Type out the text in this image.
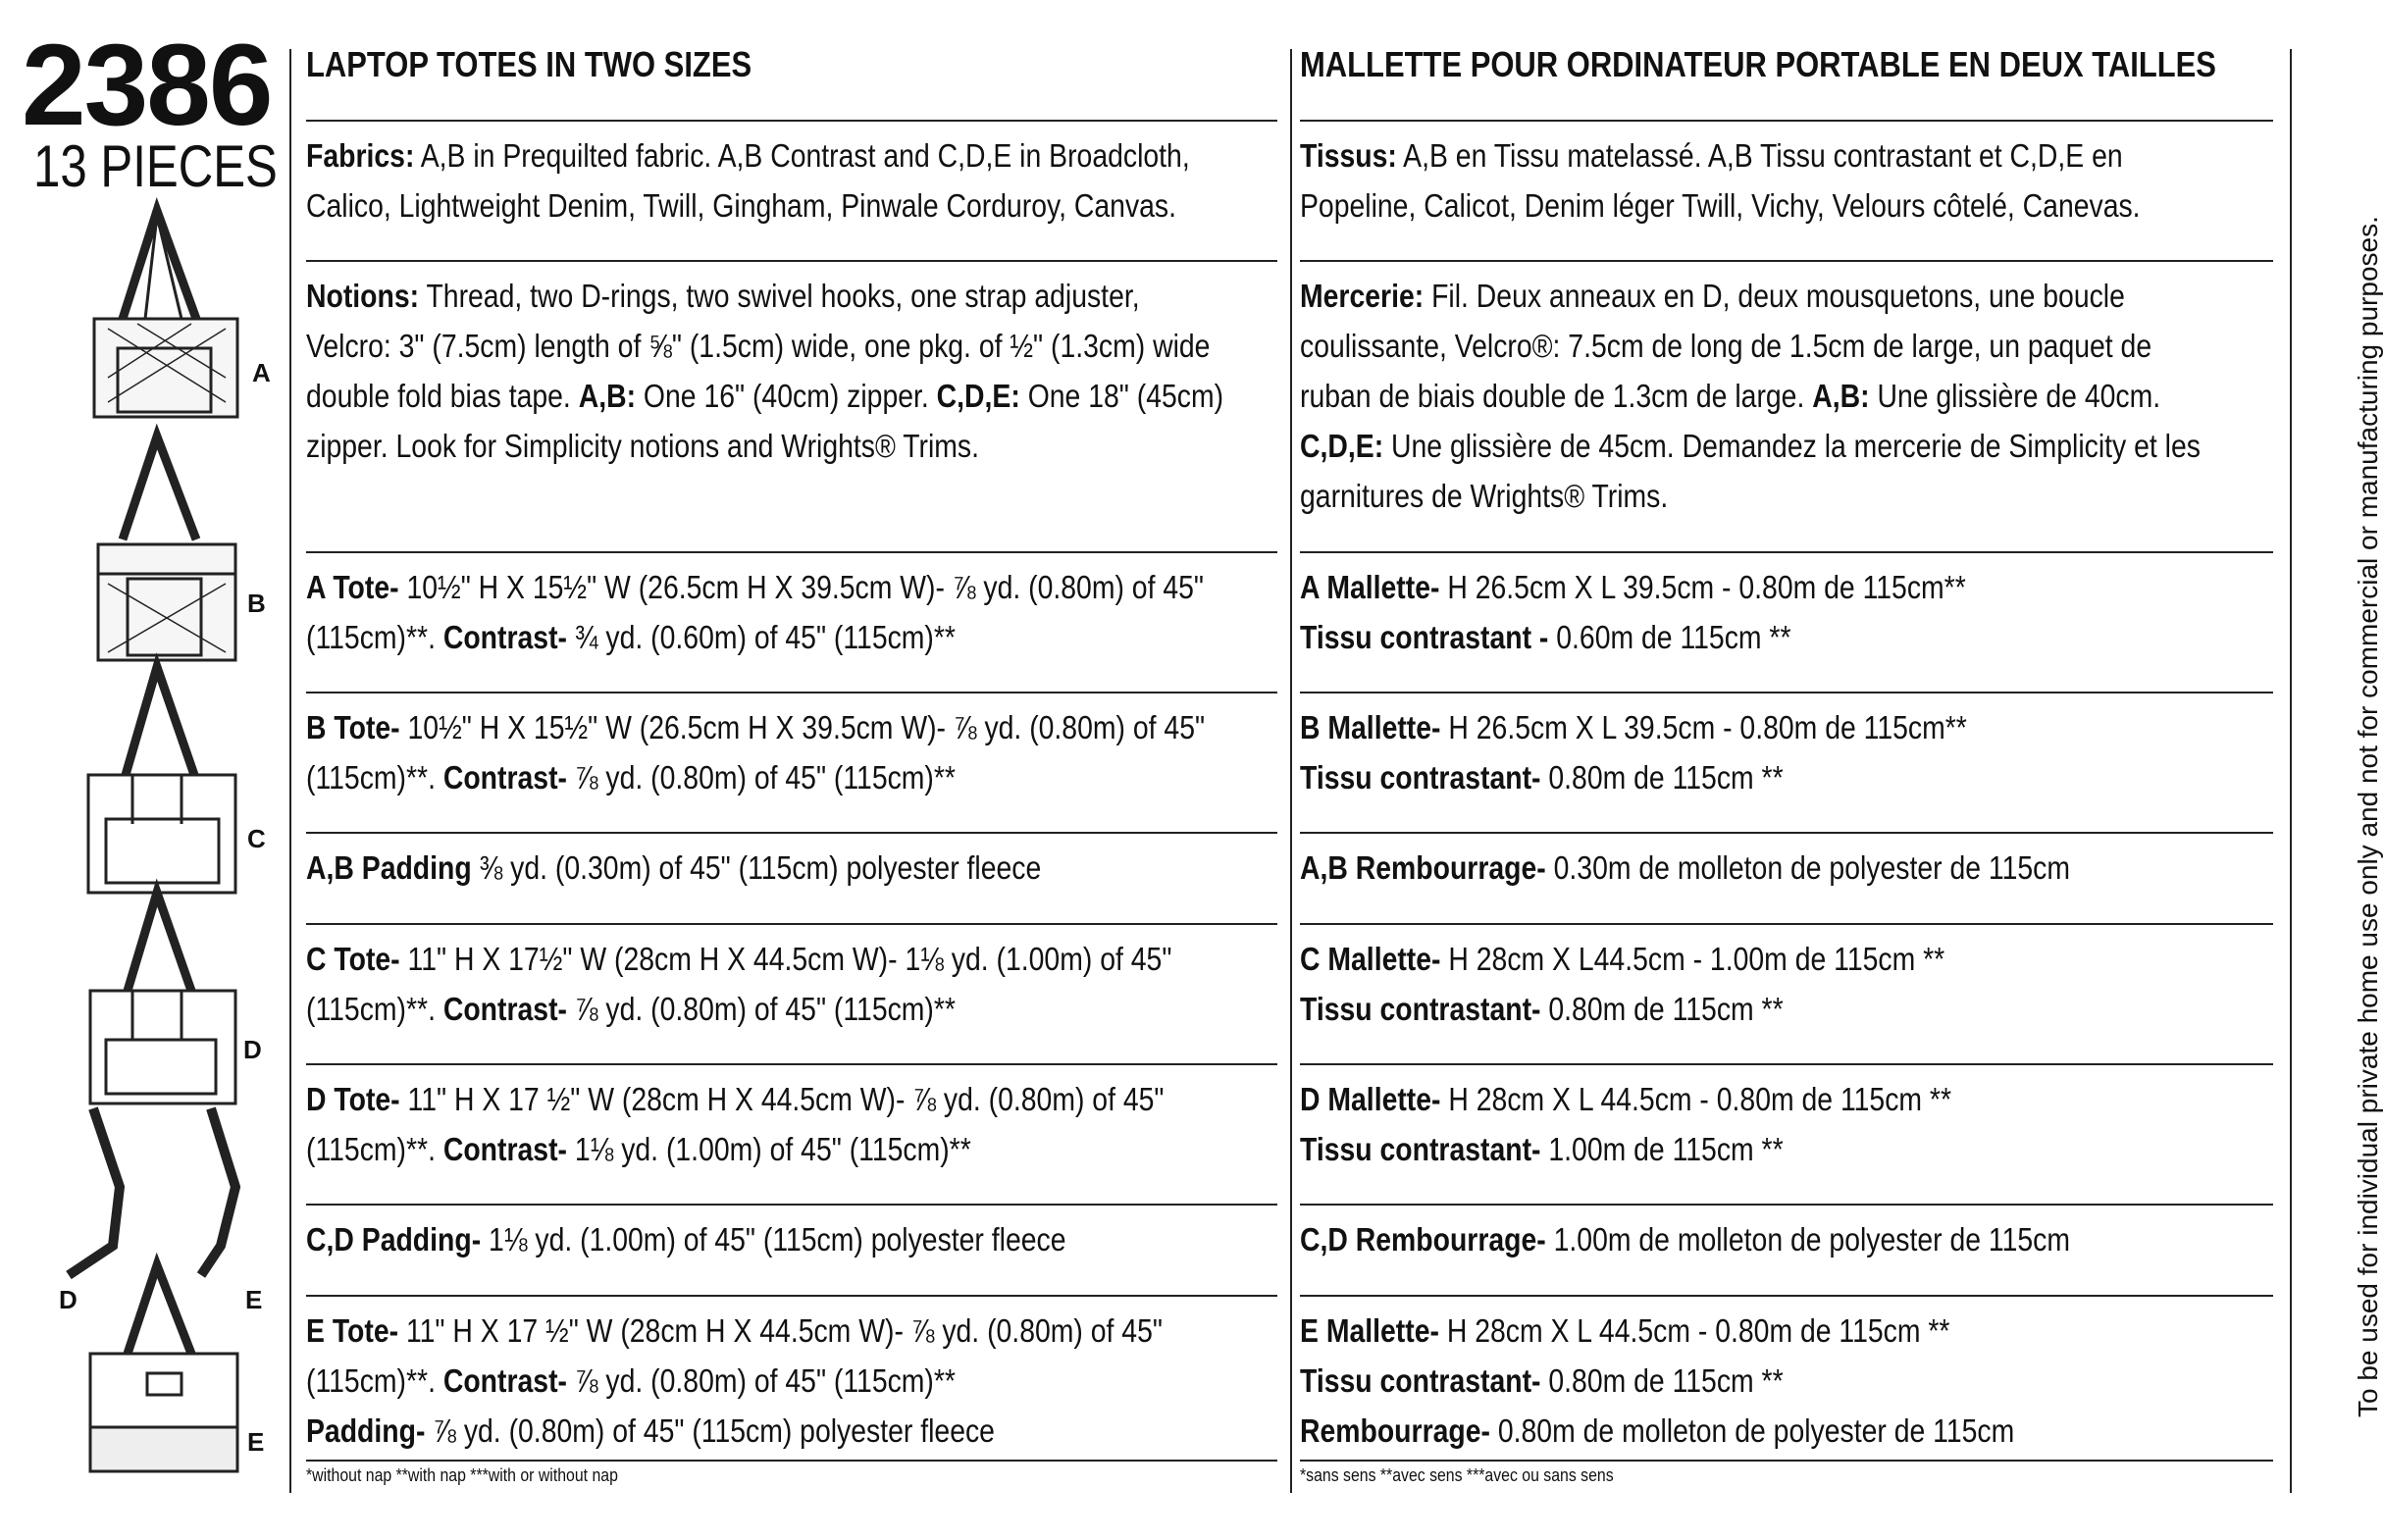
2386
13 PIECES
A
B
C
D
D	E
E
LAPTOP TOTES IN TWO SIZES
Fabrics: A,B in Prequilted fabric. A,B Contrast and C,D,E in Broadcloth,
Calico, Lightweight Denim, Twill, Gingham, Pinwale Corduroy, Canvas.
Notions: Thread, two D-rings, two swivel hooks, one strap adjuster,
Velcro: 3" (7.5cm) length of ⅝" (1.5cm) wide, one pkg. of ½" (1.3cm) wide
double fold bias tape. A,B: One 16" (40cm) zipper. C,D,E: One 18" (45cm)
zipper. Look for Simplicity notions and Wrights® Trims.
A Tote- 10½" H X 15½" W (26.5cm H X 39.5cm W)- ⅞ yd. (0.80m) of 45"
(115cm)**. Contrast- ¾ yd. (0.60m) of 45" (115cm)**
B Tote- 10½" H X 15½" W (26.5cm H X 39.5cm W)- ⅞ yd. (0.80m) of 45"
(115cm)**. Contrast- ⅞ yd. (0.80m) of 45" (115cm)**
A,B Padding ⅜ yd. (0.30m) of 45" (115cm) polyester fleece
C Tote- 11" H X 17½" W (28cm H X 44.5cm W)- 1⅛ yd. (1.00m) of 45"
(115cm)**. Contrast- ⅞ yd. (0.80m) of 45" (115cm)**
D Tote- 11" H X 17 ½" W (28cm H X 44.5cm W)- ⅞ yd. (0.80m) of 45"
(115cm)**. Contrast- 1⅛ yd. (1.00m) of 45" (115cm)**
C,D Padding- 1⅛ yd. (1.00m) of 45" (115cm) polyester fleece
E Tote- 11" H X 17 ½" W (28cm H X 44.5cm W)- ⅞ yd. (0.80m) of 45"
(115cm)**. Contrast- ⅞ yd. (0.80m) of 45" (115cm)**
Padding- ⅞ yd. (0.80m) of 45" (115cm) polyester fleece
*without nap **with nap ***with or without nap
MALLETTE POUR ORDINATEUR PORTABLE EN DEUX TAILLES
Tissus: A,B en Tissu matelassé. A,B Tissu contrastant et C,D,E en
Popeline, Calicot, Denim léger Twill, Vichy, Velours côtelé, Canevas.
Mercerie: Fil. Deux anneaux en D, deux mousquetons, une boucle
coulissante, Velcro®: 7.5cm de long de 1.5cm de large, un paquet de
ruban de biais double de 1.3cm de large. A,B: Une glissière de 40cm.
C,D,E: Une glissière de 45cm. Demandez la mercerie de Simplicity et les
garnitures de Wrights® Trims.
A Mallette- H 26.5cm X L 39.5cm - 0.80m de 115cm**
Tissu contrastant - 0.60m de 115cm **
B Mallette- H 26.5cm X L 39.5cm - 0.80m de 115cm**
Tissu contrastant- 0.80m de 115cm **
A,B Rembourrage- 0.30m de molleton de polyester de 115cm
C Mallette- H 28cm X L44.5cm - 1.00m de 115cm **
Tissu contrastant- 0.80m de 115cm **
D Mallette- H 28cm X L 44.5cm - 0.80m de 115cm **
Tissu contrastant- 1.00m de 115cm **
C,D Rembourrage- 1.00m de molleton de polyester de 115cm
E Mallette- H 28cm X L 44.5cm - 0.80m de 115cm **
Tissu contrastant- 0.80m de 115cm **
Rembourrage- 0.80m de molleton de polyester de 115cm
*sans sens **avec sens ***avec ou sans sens
To be used for individual private home use only and not for commercial or manufacturing purposes.
